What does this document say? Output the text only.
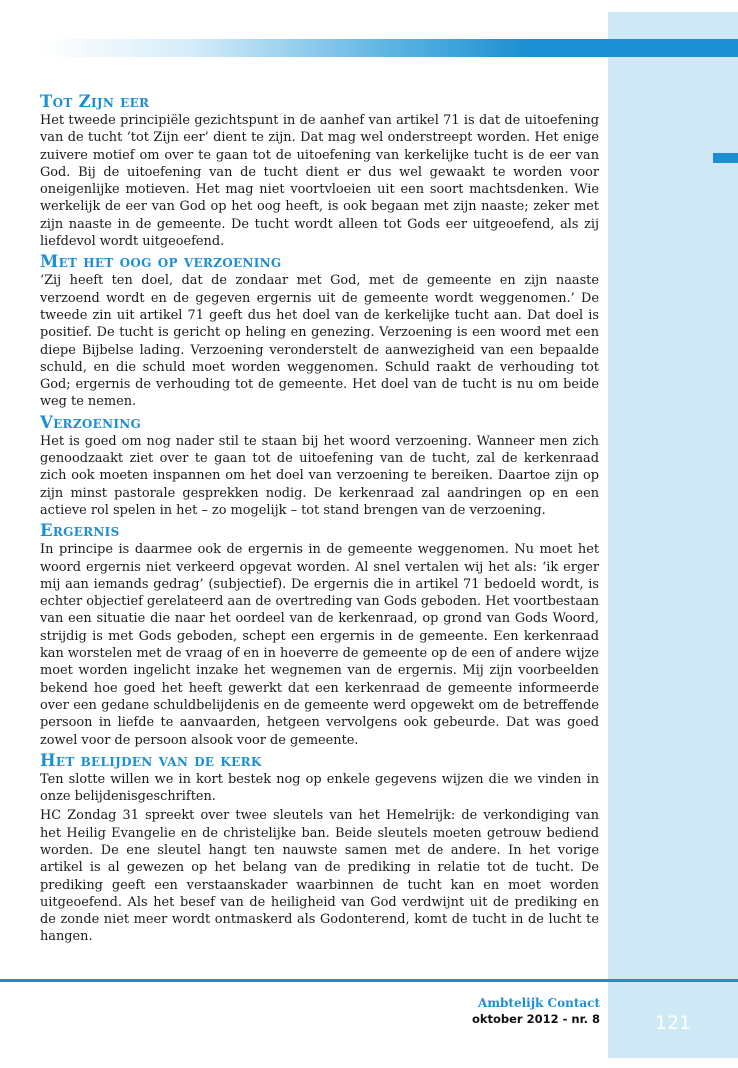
Tot Zijn eer

Het tweede principiële gezichtspunt in de aanhef van artikel 71 is dat de uitoefening van de tucht ‘tot Zijn eer’ dient te zijn. Dat mag wel onderstreept worden. Het enige zuivere motief om over te gaan tot de uitoefening van kerkelijke tucht is de eer van God. Bij de uitoefening van de tucht dient er dus wel gewaakt te worden voor oneigenlijke motieven. Het mag niet voortvloeien uit een soort machtsdenken. Wie werkelijk de eer van God op het oog heeft, is ook begaan met zijn naaste; zeker met zijn naaste in de gemeente. De tucht wordt alleen tot Gods eer uitgeoefend, als zij liefdevol wordt uitgeoefend.

Met het oog op verzoening

‘Zij heeft ten doel, dat de zondaar met God, met de gemeente en zijn naaste verzoend wordt en de gegeven ergernis uit de gemeente wordt weggenomen.’ De tweede zin uit artikel 71 geeft dus het doel van de kerkelijke tucht aan. Dat doel is positief. De tucht is gericht op heling en genezing. Verzoening is een woord met een diepe Bijbelse lading. Verzoening veronderstelt de aanwezigheid van een bepaalde schuld, en die schuld moet worden weggenomen. Schuld raakt de verhouding tot God; ergernis de verhouding tot de gemeente. Het doel van de tucht is nu om beide weg te nemen.

Verzoening

Het is goed om nog nader stil te staan bij het woord verzoening. Wanneer men zich genoodzaakt ziet over te gaan tot de uitoefening van de tucht, zal de kerkenraad zich ook moeten inspannen om het doel van verzoening te bereiken. Daartoe zijn op zijn minst pastorale gesprekken nodig. De kerkenraad zal aandringen op en een actieve rol spelen in het – zo mogelijk – tot stand brengen van de verzoening.

Ergernis

In principe is daarmee ook de ergernis in de gemeente weggenomen. Nu moet het woord ergernis niet verkeerd opgevat worden. Al snel vertalen wij het als: ‘ik erger mij aan iemands gedrag’ (subjectief). De ergernis die in artikel 71 bedoeld wordt, is echter objectief gerelateerd aan de overtreding van Gods geboden. Het voortbestaan van een situatie die naar het oordeel van de kerkenraad, op grond van Gods Woord, strijdig is met Gods geboden, schept een ergernis in de gemeente. Een kerkenraad kan worstelen met de vraag of en in hoeverre de gemeente op de een of andere wijze moet worden ingelicht inzake het wegnemen van de ergernis. Mij zijn voorbeelden bekend hoe goed het heeft gewerkt dat een kerkenraad de gemeente informeerde over een gedane schuldbelijdenis en de gemeente werd opgewekt om de betreffende persoon in liefde te aanvaarden, hetgeen vervolgens ook gebeurde. Dat was goed zowel voor de persoon alsook voor de gemeente.

Het belijden van de kerk

Ten slotte willen we in kort bestek nog op enkele gegevens wijzen die we vinden in onze belijdenisgeschriften.

HC Zondag 31 spreekt over twee sleutels van het Hemelrijk: de verkondiging van het Heilig Evangelie en de christelijke ban. Beide sleutels moeten getrouw bediend worden. De ene sleutel hangt ten nauwste samen met de andere. In het vorige artikel is al gewezen op het belang van de prediking in relatie tot de tucht. De prediking geeft een verstaanskader waarbinnen de tucht kan en moet worden uitgeoefend. Als het besef van de heiligheid van God verdwijnt uit de prediking en de zonde niet meer wordt ontmaskerd als Godonterend, komt de tucht in de lucht te hangen.

Ambtelijk Contact
oktober 2012 - nr. 8	121
